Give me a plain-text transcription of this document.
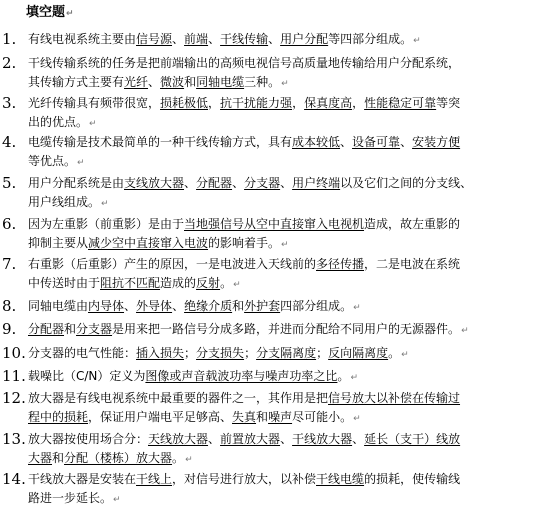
填空题↵
1. 有线电视系统主要由信号源、前端、干线传输、用户分配等四部分组成。↵
2. 干线传输系统的任务是把前端输出的高频电视信号高质量地传输给用户分配系统，
其传输方式主要有光纤、微波和同轴电缆三种。↵
3. 光纤传输具有频带很宽，损耗极低，抗干扰能力强，保真度高，性能稳定可靠等突
出的优点。↵
4. 电缆传输是技术最简单的一种干线传输方式，具有成本较低、设备可靠、安装方便
等优点。↵
5. 用户分配系统是由支线放大器、分配器、分支器、用户终端以及它们之间的分支线、
用户线组成。↵
6. 因为左重影（前重影）是由于当地强信号从空中直接窜入电视机造成，故左重影的
抑制主要从减少空中直接窜入电波的影响着手。↵
7. 右重影（后重影）产生的原因，一是电波进入天线前的多径传播，二是电波在系统
中传送时由于阻抗不匹配造成的反射。↵
8. 同轴电缆由内导体、外导体、绝缘介质和外护套四部分组成。↵
9. 分配器和分支器是用来把一路信号分成多路，并进而分配给不同用户的无源器件。↵
10. 分支器的电气性能：插入损失；分支损失；分支隔离度；反向隔离度。↵
11. 载噪比（C/N）定义为图像或声音载波功率与噪声功率之比。↵
12. 放大器是有线电视系统中最重要的器件之一，其作用是把信号放大以补偿在传输过
程中的损耗，保证用户端电平足够高、失真和噪声尽可能小。↵
13. 放大器按使用场合分：天线放大器、前置放大器、干线放大器、延长（支干）线放
大器和分配（楼栋）放大器。↵
14. 干线放大器是安装在干线上，对信号进行放大，以补偿干线电缆的损耗，使传输线
路进一步延长。↵
